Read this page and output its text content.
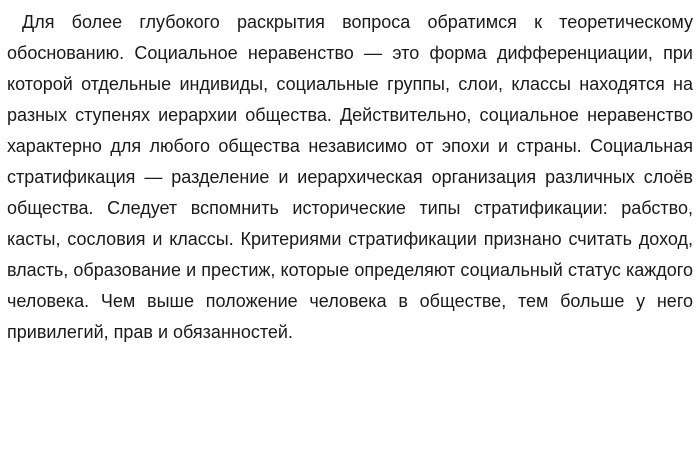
Для более глубокого раскрытия вопроса обратимся к теоретическому обоснованию. Социальное неравенство — это форма дифференциации, при которой отдельные индивиды, социальные группы, слои, классы находятся на разных ступенях иерархии общества. Действительно, социальное неравенство характерно для любого общества независимо от эпохи и страны. Социальная стратификация — разделение и иерархическая организация различных слоёв общества. Следует вспомнить исторические типы стратификации: рабство, касты, сословия и классы. Критериями стратификации признано считать доход, власть, образование и престиж, которые определяют социальный статус каждого человека. Чем выше положение человека в обществе, тем больше у него привилегий, прав и обязанностей.
